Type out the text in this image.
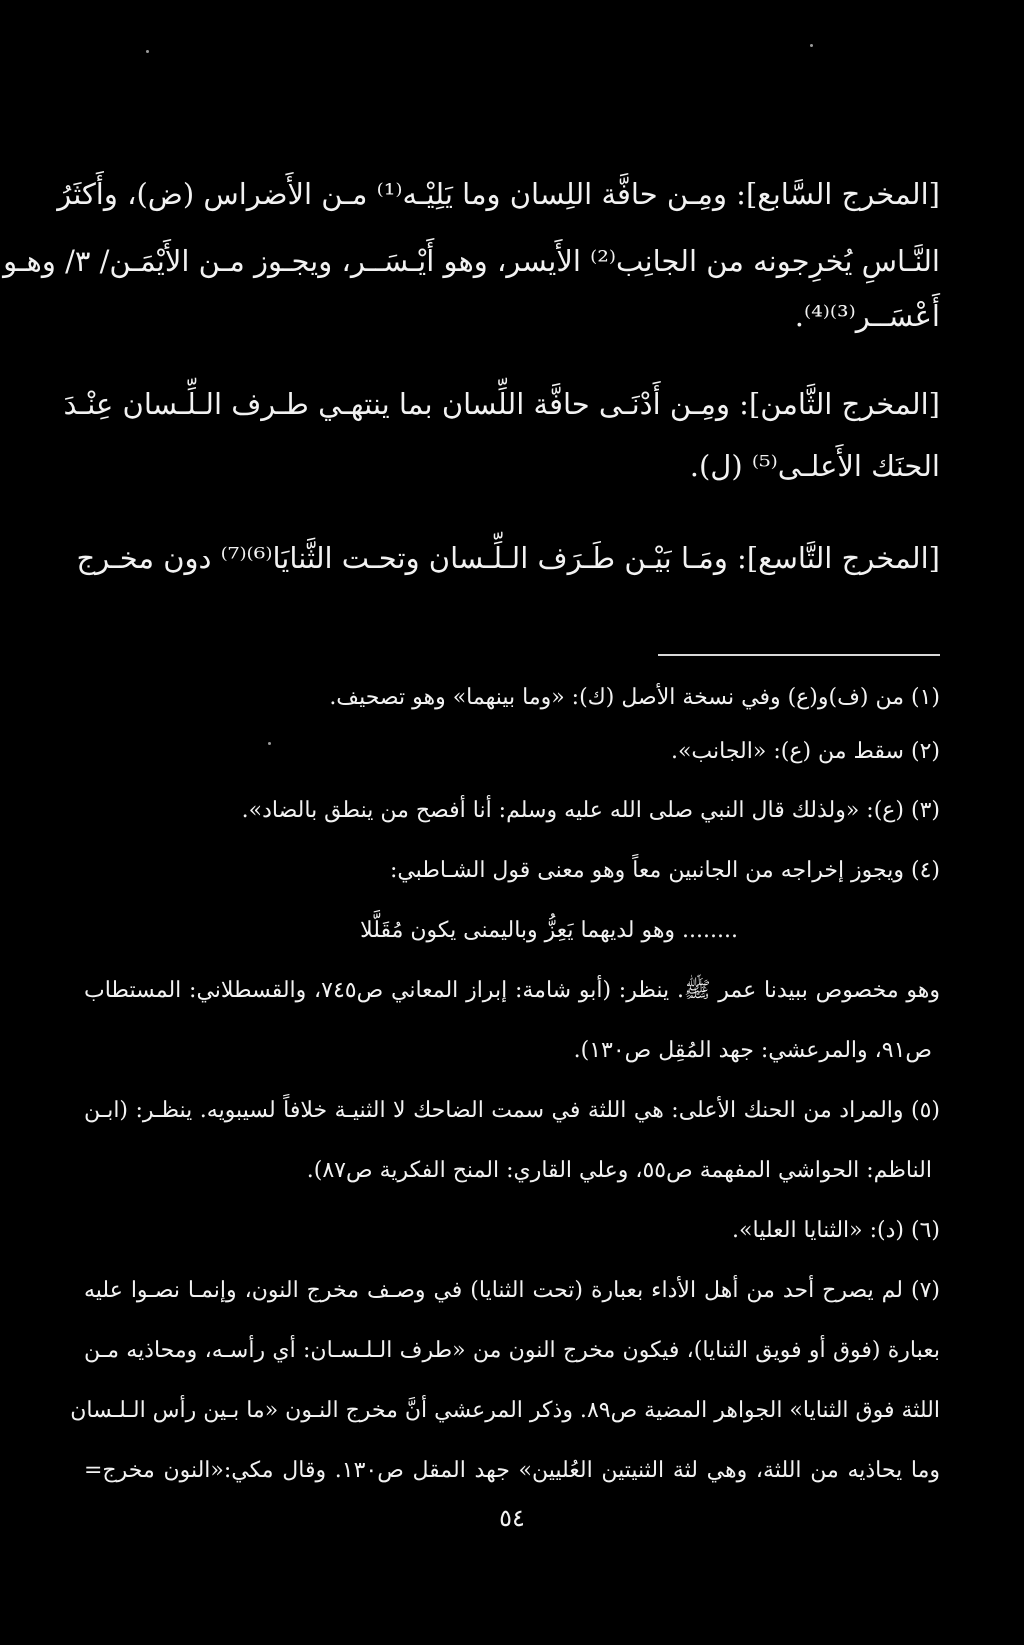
[المخرج السَّابع]: ومِـن حافَّة اللِسان وما يَلِيْـه⁽¹⁾ مـن الأَضراس (ض)، وأَكثَرُ
النَّـاسِ يُخرِجونه من الجانِب⁽²⁾ الأَيسر، وهو أَيْـسَــر، ويجـوز مـن الأَيْمَـن/ ٣/ وهـو
أَعْسَــر⁽³⁾⁽⁴⁾.
[المخرج الثَّامن]: ومِـن أَدْنَـى حافَّة اللِّسان بما ينتهـي طـرف الـلِّـسان عِنْـدَ
الحنَك الأَعلـى⁽⁵⁾ (ل).
[المخرج التَّاسع]: ومَـا بَيْـن طَـرَف الـلِّـسان وتحـت الثَّنايَا⁽⁶⁾⁽⁷⁾ دون مخـرج
(١) من (ف)و(ع) وفي نسخة الأصل (ك): «وما بينهما» وهو تصحيف.
(٢) سقط من (ع): «الجانب».
(٣) (ع): «ولذلك قال النبي صلى الله عليه وسلم: أنا أفصح من ينطق بالضاد».
(٤) ويجوز إخراجه من الجانبين معاً وهو معنى قول الشـاطبي:
........ وهو لديهما يَعِزُّ وباليمنى يكون مُقَلَّلا
وهو مخصوص ببيدنا عمر ﷺ. ينظر: (أبو شامة: إبراز المعاني ص٧٤٥، والقسطلاني: المستطاب
ص٩١، والمرعشي: جهد المُقِل ص١٣٠).
(٥) والمراد من الحنك الأعلى: هي اللثة في سمت الضاحك لا الثنيـة خلافاً لسيبويه. ينظـر: (ابـن
الناظم: الحواشي المفهمة ص٥٥، وعلي القاري: المنح الفكرية ص٨٧).
(٦) (د): «الثنايا العليا».
(٧) لم يصرح أحد من أهل الأداء بعبارة (تحت الثنايا) في وصـف مخرج النون، وإنمـا نصـوا عليه
بعبارة (فوق أو فويق الثنايا)، فيكون مخرج النون من «طرف الـلـسـان: أي رأسـه، ومحاذيه مـن
اللثة فوق الثنايا» الجواهر المضية ص٨٩. وذكر المرعشي أنَّ مخرج النـون «ما بـين رأس الـلـسان
وما يحاذيه من اللثة، وهي لثة الثنيتين العُليين» جهد المقل ص١٣٠. وقال مكي:«النون مخرج=
٥٤
